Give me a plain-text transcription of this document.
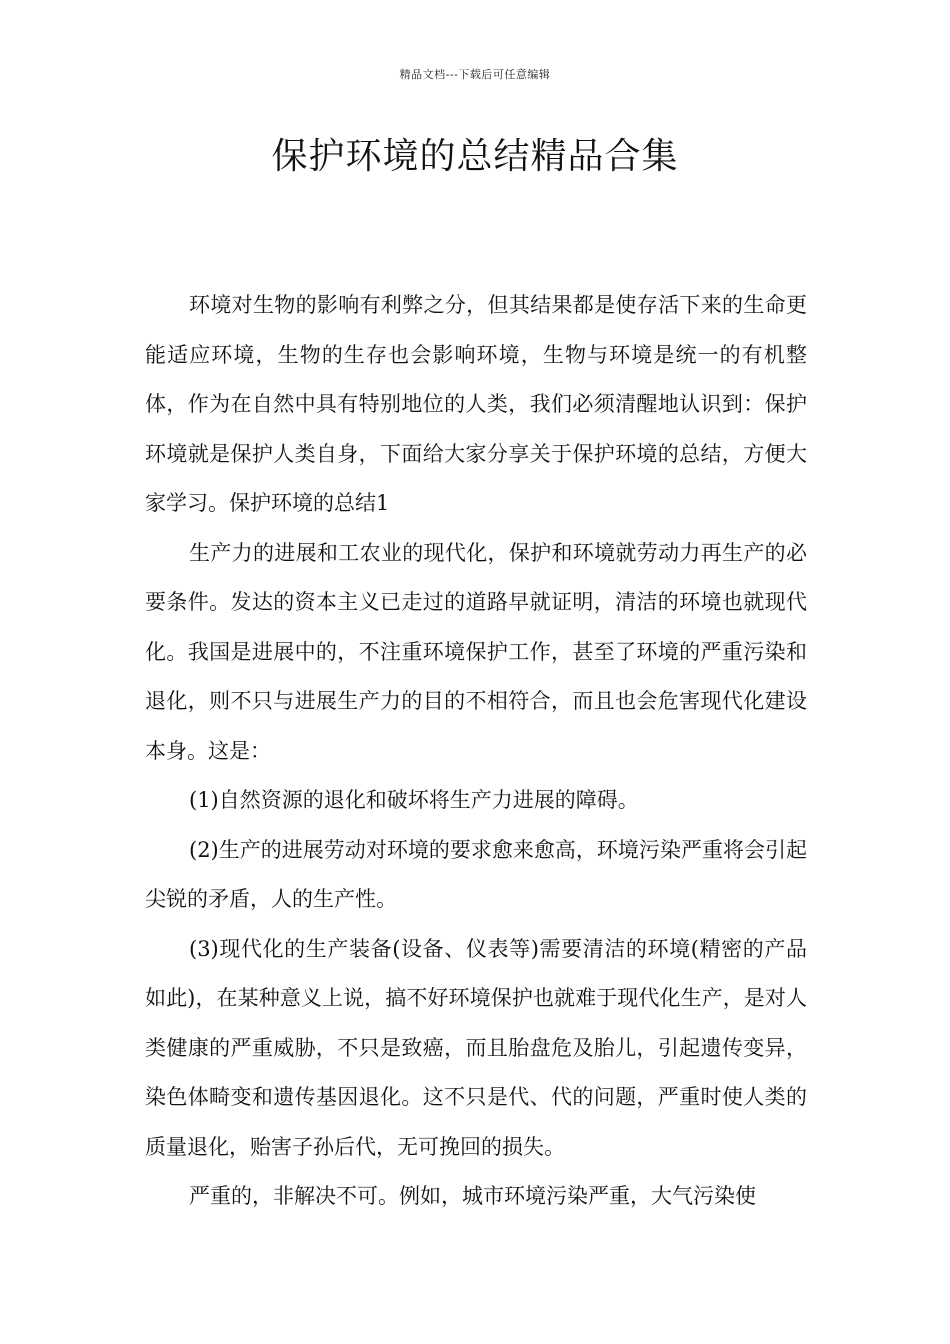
精品文档---下载后可任意编辑
保护环境的总结精品合集

环境对生物的影响有利弊之分，但其结果都是使存活下来的生命更能适应环境，生物的生存也会影响环境，生物与环境是统一的有机整体，作为在自然中具有特别地位的人类，我们必须清醒地认识到：保护环境就是保护人类自身，下面给大家分享关于保护环境的总结，方便大家学习。保护环境的总结1

生产力的进展和工农业的现代化，保护和环境就劳动力再生产的必要条件。发达的资本主义已走过的道路早就证明，清洁的环境也就现代化。我国是进展中的，不注重环境保护工作，甚至了环境的严重污染和退化，则不只与进展生产力的目的不相符合，而且也会危害现代化建设本身。这是：

(1)自然资源的退化和破坏将生产力进展的障碍。

(2)生产的进展劳动对环境的要求愈来愈高，环境污染严重将会引起尖锐的矛盾，人的生产性。

(3)现代化的生产装备(设备、仪表等)需要清洁的环境(精密的产品如此)，在某种意义上说，搞不好环境保护也就难于现代化生产，是对人类健康的严重威胁，不只是致癌，而且胎盘危及胎儿，引起遗传变异，染色体畸变和遗传基因退化。这不只是代、代的问题，严重时使人类的质量退化，贻害子孙后代，无可挽回的损失。

严重的，非解决不可。例如，城市环境污染严重，大气污染使
